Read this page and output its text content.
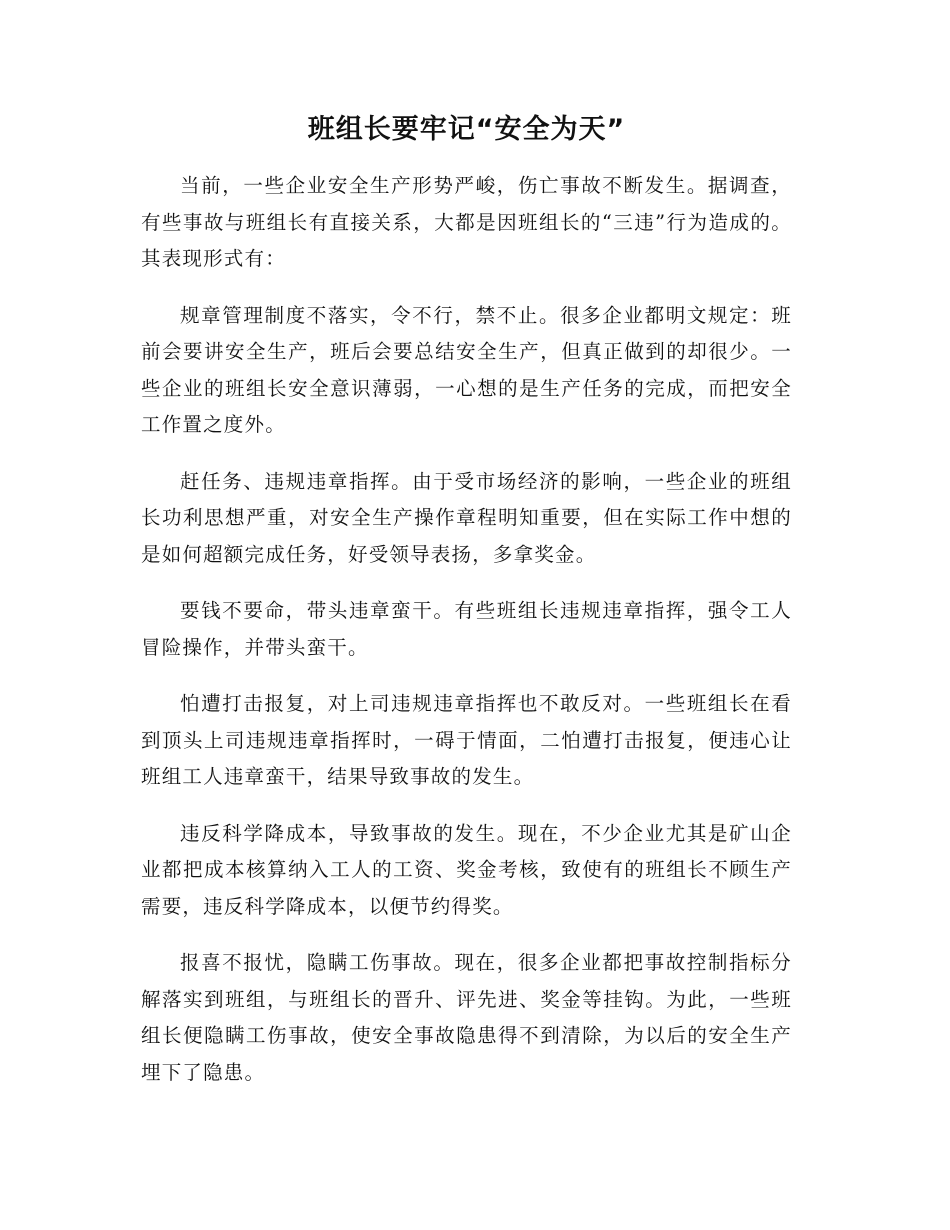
班组长要牢记“安全为天”

当前，一些企业安全生产形势严峻，伤亡事故不断发生。据调查，有些事故与班组长有直接关系，大都是因班组长的“三违”行为造成的。其表现形式有：

规章管理制度不落实，令不行，禁不止。很多企业都明文规定：班前会要讲安全生产，班后会要总结安全生产，但真正做到的却很少。一些企业的班组长安全意识薄弱，一心想的是生产任务的完成，而把安全工作置之度外。

赶任务、违规违章指挥。由于受市场经济的影响，一些企业的班组长功利思想严重，对安全生产操作章程明知重要，但在实际工作中想的是如何超额完成任务，好受领导表扬，多拿奖金。

要钱不要命，带头违章蛮干。有些班组长违规违章指挥，强令工人冒险操作，并带头蛮干。

怕遭打击报复，对上司违规违章指挥也不敢反对。一些班组长在看到顶头上司违规违章指挥时，一碍于情面，二怕遭打击报复，便违心让班组工人违章蛮干，结果导致事故的发生。

违反科学降成本，导致事故的发生。现在，不少企业尤其是矿山企业都把成本核算纳入工人的工资、奖金考核，致使有的班组长不顾生产需要，违反科学降成本，以便节约得奖。

报喜不报忧，隐瞒工伤事故。现在，很多企业都把事故控制指标分解落实到班组，与班组长的晋升、评先进、奖金等挂钩。为此，一些班组长便隐瞒工伤事故，使安全事故隐患得不到清除，为以后的安全生产埋下了隐患。
